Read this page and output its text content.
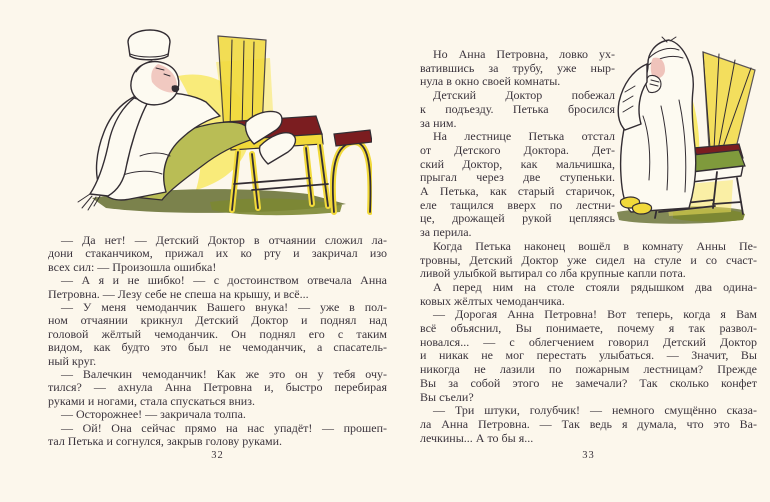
— Да нет! — Детский Доктор в отчаянии сложил ла-
дони стаканчиком, прижал их ко рту и закричал изо
всех сил: — Произошла ошибка!
— А я и не шибко! — с достоинством отвечала Анна
Петровна. — Лезу себе не спеша на крышу, и всё...
— У меня чемоданчик Вашего внука! — уже в пол-
ном отчаянии крикнул Детский Доктор и поднял над
головой жёлтый чемоданчик. Он поднял его с таким
видом, как будто это был не чемоданчик, а спасатель-
ный круг.
— Валечкин чемоданчик! Как же это он у тебя очу-
тился? — ахнула Анна Петровна и, быстро перебирая
руками и ногами, стала спускаться вниз.
— Осторожнее! — закричала толпа.
— Ой! Она сейчас прямо на нас упадёт! — прошеп-
тал Петька и согнулся, закрыв голову руками.
32
Но Анна Петровна, ловко ух-
ватившись за трубу, уже ныр-
нула в окно своей комнаты.
Детский Доктор побежал
к подъезду. Петька бросился
за ним.
На лестнице Петька отстал
от Детского Доктора. Дет-
ский Доктор, как мальчишка,
прыгал через две ступеньки.
А Петька, как старый старичок,
еле тащился вверх по лестни-
це, дрожащей рукой цепляясь
за перила.
Когда Петька наконец вошёл в комнату Анны Пе-
тровны, Детский Доктор уже сидел на стуле и со счаст-
ливой улыбкой вытирал со лба крупные капли пота.
А перед ним на столе стояли рядышком два одина-
ковых жёлтых чемоданчика.
— Дорогая Анна Петровна! Вот теперь, когда я Вам
всё объяснил, Вы понимаете, почему я так развол-
новался... — с облегчением говорил Детский Доктор
и никак не мог перестать улыбаться. — Значит, Вы
никогда не лазили по пожарным лестницам? Прежде
Вы за собой этого не замечали? Так сколько конфет
Вы съели?
— Три штуки, голубчик! — немного смущённо сказа-
ла Анна Петровна. — Так ведь я думала, что это Ва-
лечкины... А то бы я...
33
